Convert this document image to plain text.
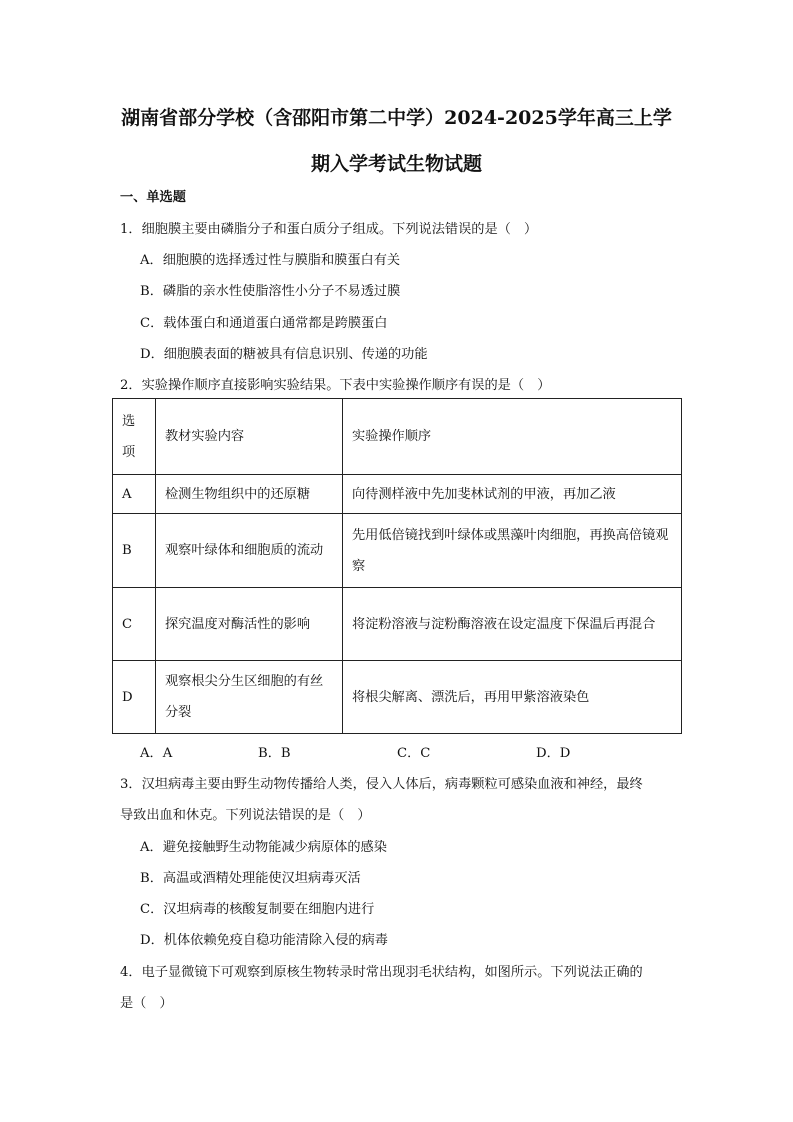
湖南省部分学校（含邵阳市第二中学）2024-2025学年高三上学
期入学考试生物试题
一、单选题
1．细胞膜主要由磷脂分子和蛋白质分子组成。下列说法错误的是（　）
A．细胞膜的选择透过性与膜脂和膜蛋白有关
B．磷脂的亲水性使脂溶性小分子不易透过膜
C．载体蛋白和通道蛋白通常都是跨膜蛋白
D．细胞膜表面的糖被具有信息识别、传递的功能
2．实验操作顺序直接影响实验结果。下表中实验操作顺序有误的是（　）
选项	教材实验内容	实验操作顺序
A	检测生物组织中的还原糖	向待测样液中先加斐林试剂的甲液，再加乙液
B	观察叶绿体和细胞质的流动	先用低倍镜找到叶绿体或黑藻叶肉细胞，再换高倍镜观察
C	探究温度对酶活性的影响	将淀粉溶液与淀粉酶溶液在设定温度下保温后再混合
D	观察根尖分生区细胞的有丝分裂	将根尖解离、漂洗后，再用甲紫溶液染色
A．A	B．B	C．C	D．D
3．汉坦病毒主要由野生动物传播给人类，侵入人体后，病毒颗粒可感染血液和神经，最终
导致出血和休克。下列说法错误的是（　）
A．避免接触野生动物能减少病原体的感染
B．高温或酒精处理能使汉坦病毒灭活
C．汉坦病毒的核酸复制要在细胞内进行
D．机体依赖免疫自稳功能清除入侵的病毒
4．电子显微镜下可观察到原核生物转录时常出现羽毛状结构，如图所示。下列说法正确的
是（　）
